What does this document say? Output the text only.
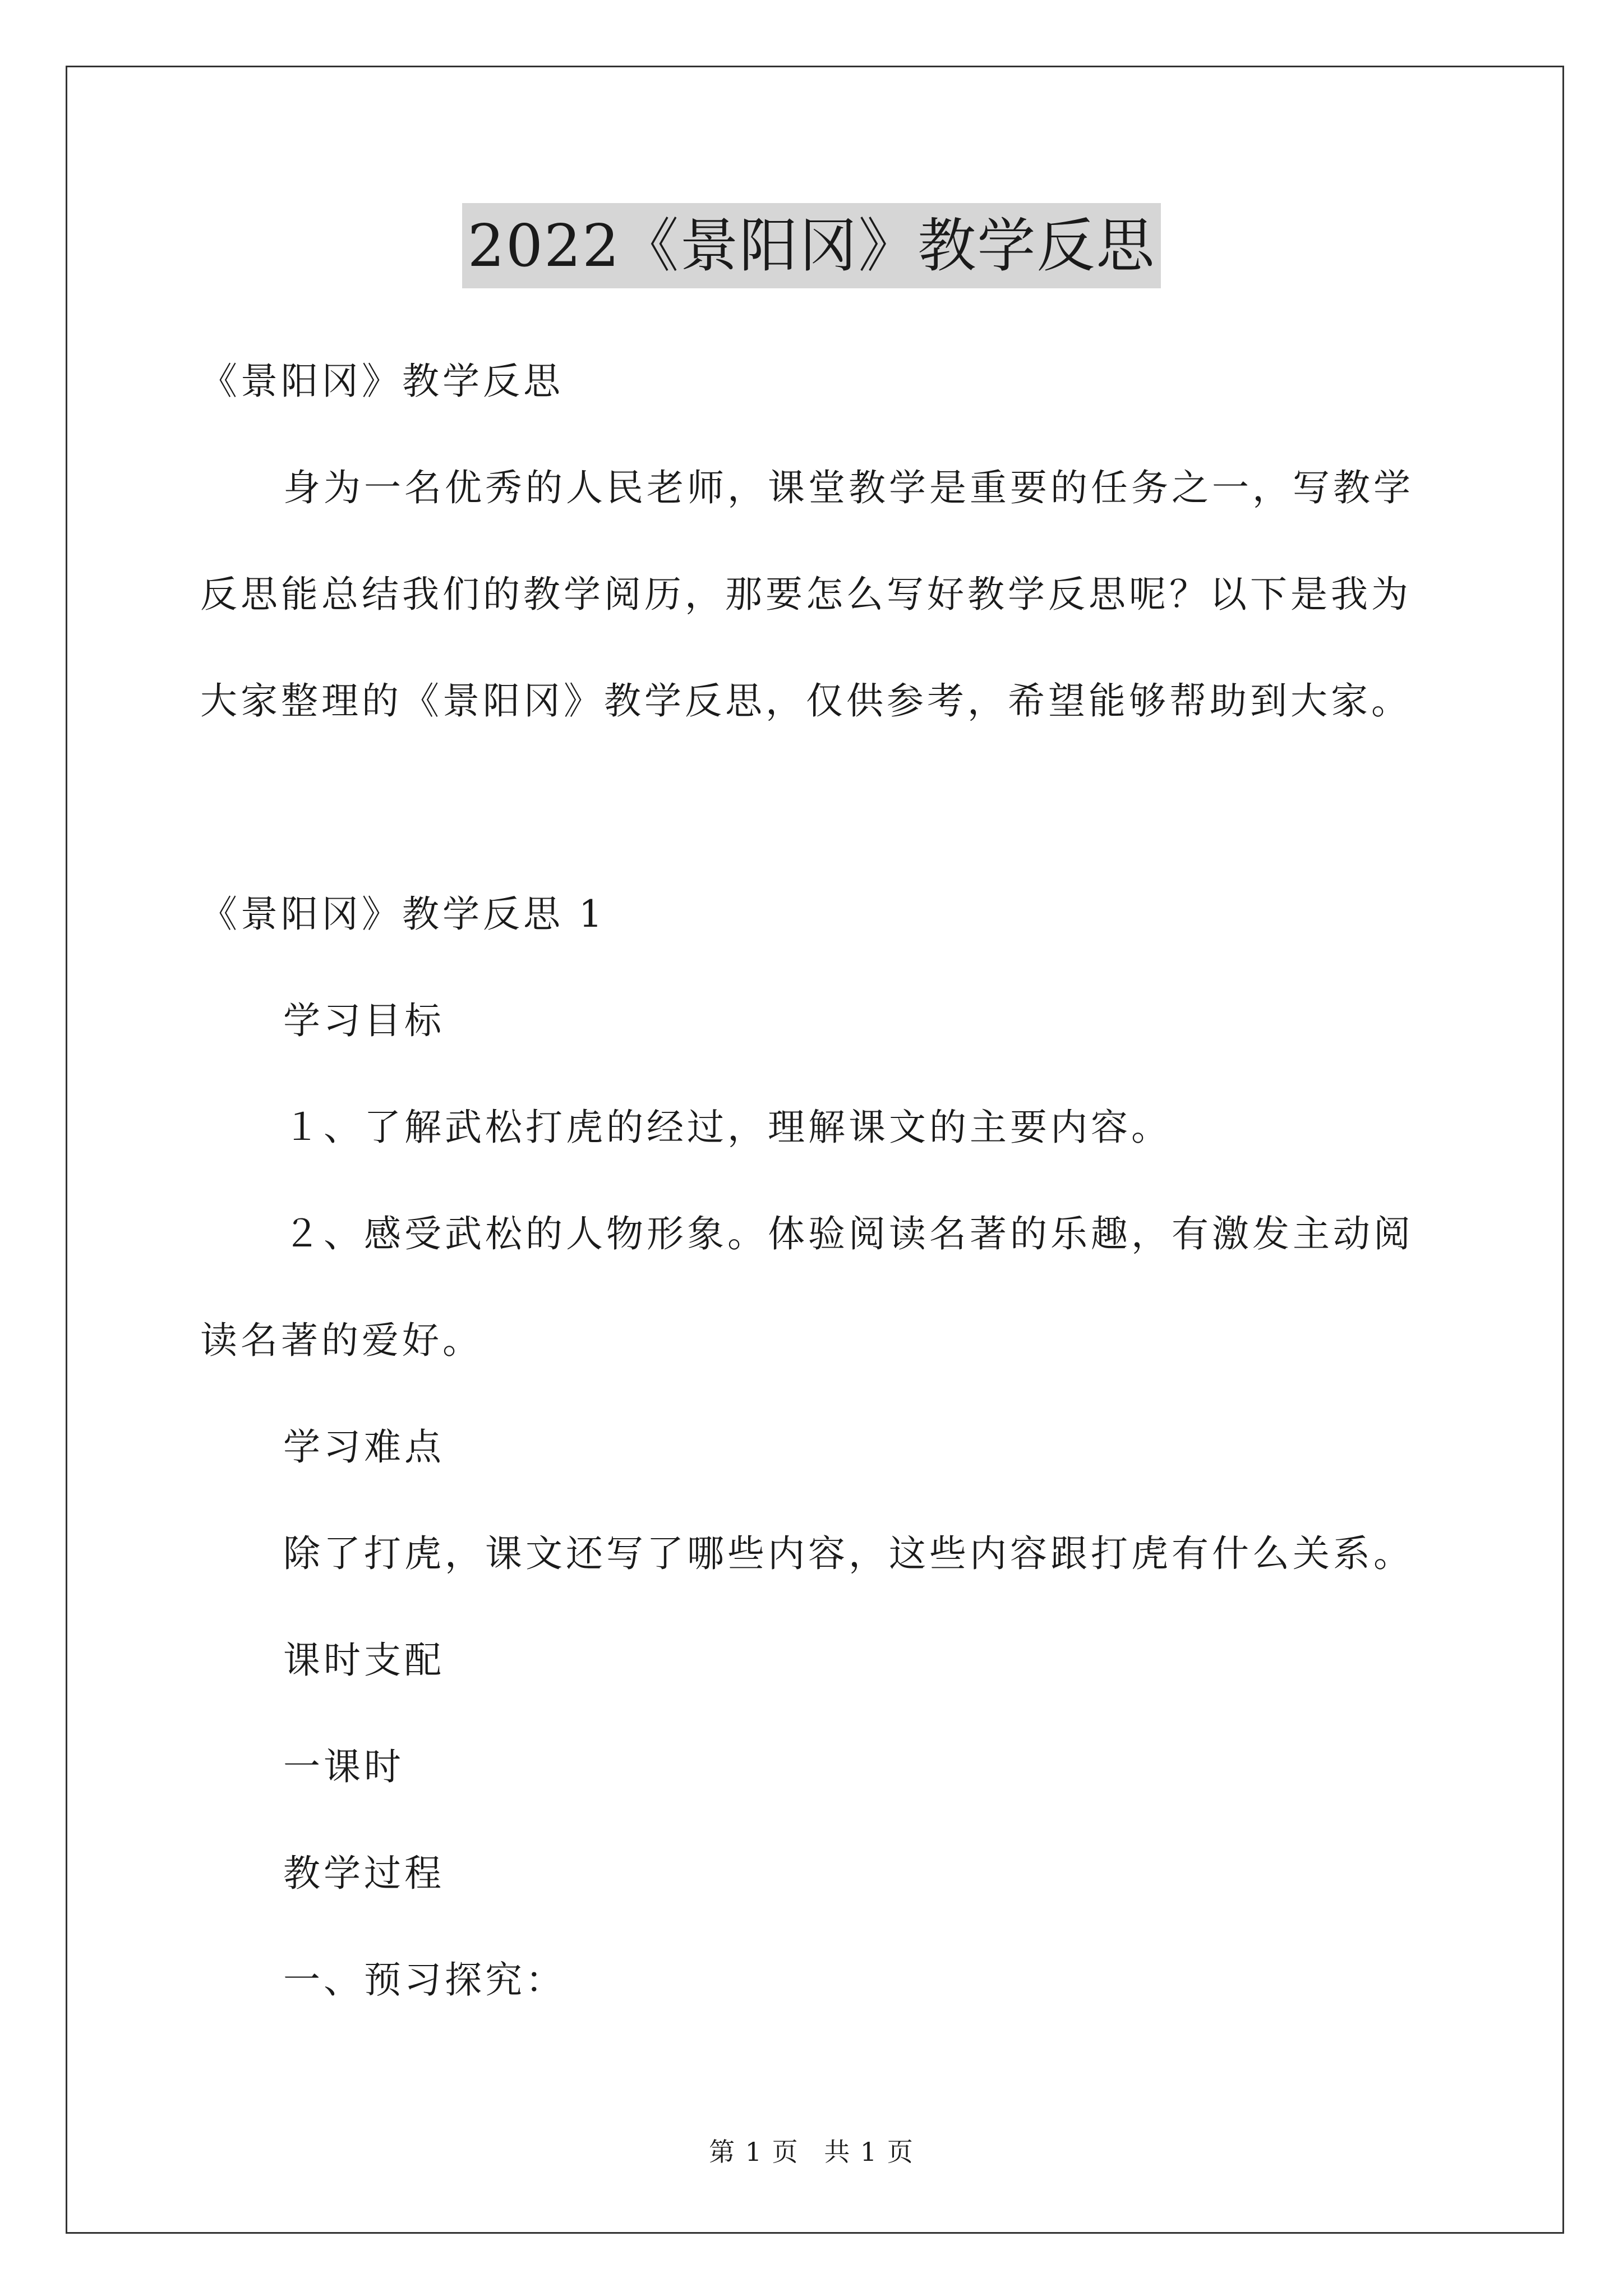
2022《景阳冈》教学反思
《景阳冈》教学反思
身为一名优秀的人民老师，课堂教学是重要的任务之一，写教学
反思能总结我们的教学阅历，那要怎么写好教学反思呢？以下是我为
大家整理的《景阳冈》教学反思，仅供参考，希望能够帮助到大家。
《景阳冈》教学反思 1
学习目标
１、了解武松打虎的经过，理解课文的主要内容。
２、感受武松的人物形象。体验阅读名著的乐趣，有激发主动阅
读名著的爱好。
学习难点
除了打虎，课文还写了哪些内容，这些内容跟打虎有什么关系。
课时支配
一课时
教学过程
一、预习探究：
第 1 页 共 1 页
